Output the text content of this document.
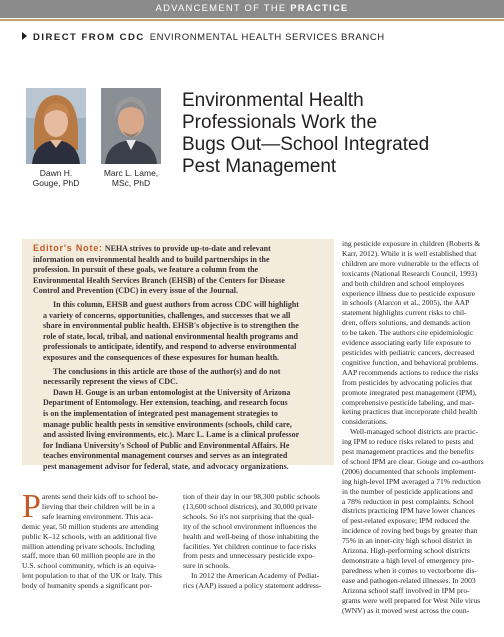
ADVANCEMENT OF THE PRACTICE
DIRECT FROM CDC ENVIRONMENTAL HEALTH SERVICES BRANCH
Dawn H.
Gouge, PhD
Marc L. Lame,
MSc, PhD
Environmental Health
Professionals Work the
Bugs Out—School Integrated
Pest Management

Editor's Note: NEHA strives to provide up-to-date and relevant
information on environmental health and to build partnerships in the
profession. In pursuit of these goals, we feature a column from the
Environmental Health Services Branch (EHSB) of the Centers for Disease
Control and Prevention (CDC) in every issue of the Journal.

In this column, EHSB and guest authors from across CDC will highlight
a variety of concerns, opportunities, challenges, and successes that we all
share in environmental public health. EHSB's objective is to strengthen the
role of state, local, tribal, and national environmental health programs and
professionals to anticipate, identify, and respond to adverse environmental
exposures and the consequences of these exposures for human health.

The conclusions in this article are those of the author(s) and do not
necessarily represent the views of CDC.

Dawn H. Gouge is an urban entomologist at the University of Arizona
Department of Entomology. Her extension, teaching, and research focus
is on the implementation of integrated pest management strategies to
manage public health pests in sensitive environments (schools, child care,
and assisted living environments, etc.). Marc L. Lame is a clinical professor
for Indiana University's School of Public and Environmental Affairs. He
teaches environmental management courses and serves as an integrated
pest management advisor for federal, state, and advocacy organizations.

P arents send their kids off to school be-
lieving that their children will be in a
safe learning environment. This aca-
demic year, 50 million students are attending
public K–12 schools, with an additional five
million attending private schools. Including
staff, more than 60 million people are in the
U.S. school community, which is an equiva-
lent population to that of the UK or Italy. This
body of humanity spends a significant por-
tion of their day in our 98,300 public schools
(13,600 school districts), and 30,000 private
schools. So it's not surprising that the qual-
ity of the school environment influences the
health and well-being of those inhabiting the
facilities. Yet children continue to face risks
from pests and unnecessary pesticide expo-
sure in schools.
In 2012 the American Academy of Pediat-
rics (AAP) issued a policy statement address-
ing pesticide exposure in children (Roberts &
Karr, 2012). While it is well established that
children are more vulnerable to the effects of
toxicants (National Research Council, 1993)
and both children and school employees
experience illness due to pesticide exposure
in schools (Alarcon et al., 2005), the AAP
statement highlights current risks to chil-
dren, offers solutions, and demands action
to be taken. The authors cite epidemiologic
evidence associating early life exposure to
pesticides with pediatric cancers, decreased
cognitive function, and behavioral problems.
AAP recommends actions to reduce the risks
from pesticides by advocating policies that
promote integrated pest management (IPM),
comprehensive pesticide labeling, and mar-
keting practices that incorporate child health
considerations.
Well-managed school districts are practic-
ing IPM to reduce risks related to pests and
pest management practices and the benefits
of school IPM are clear. Gouge and co-authors
(2006) documented that schools implement-
ing high-level IPM averaged a 71% reduction
in the number of pesticide applications and
a 78% reduction in pest complaints. School
districts practicing IPM have lower chances
of pest-related exposure; IPM reduced the
incidence of roving bed bugs by greater than
75% in an inner-city high school district in
Arizona. High-performing school districts
demonstrate a high level of emergency pre-
paredness when it comes to vectorborne dis-
ease and pathogen-related illnesses. In 2003
Arizona school staff involved in IPM pro-
grams were well prepared for West Nile virus
(WNV) as it moved west across the coun-
